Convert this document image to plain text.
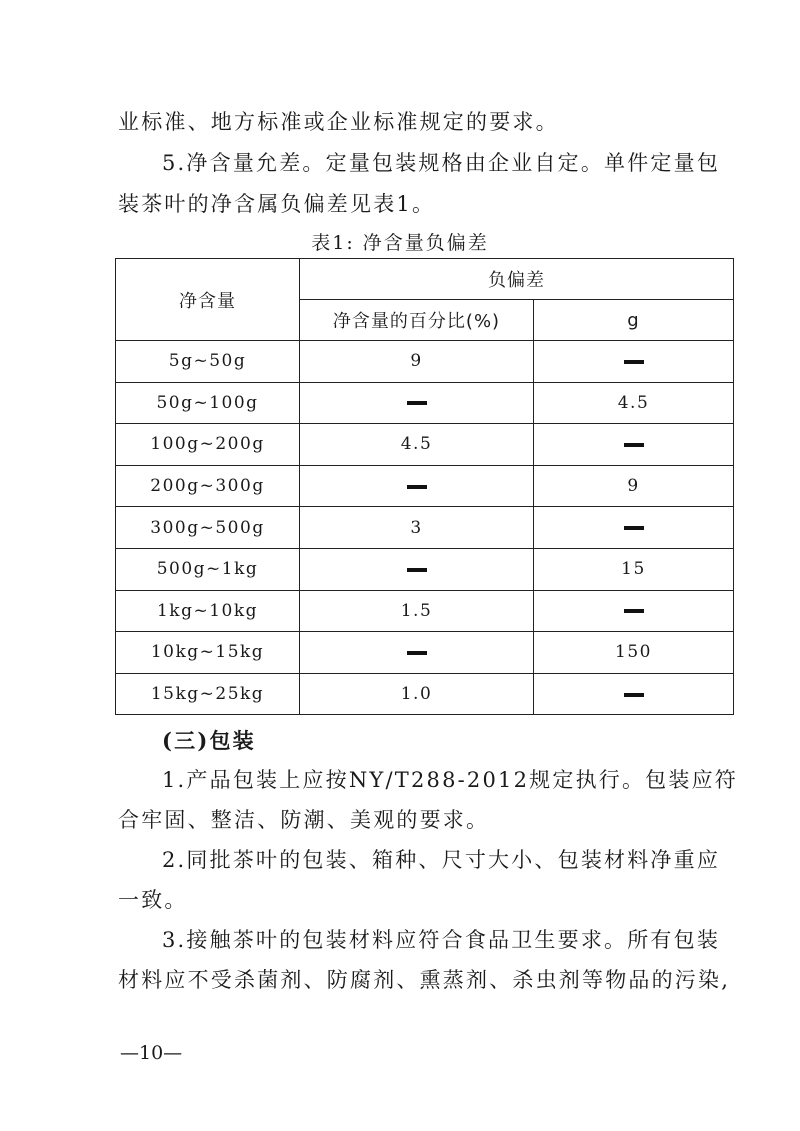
业标准、地方标准或企业标准规定的要求。
5.净含量允差。定量包装规格由企业自定。单件定量包
装茶叶的净含属负偏差见表1。
表1: 净含量负偏差
净含量	负偏差	
	净含量的百分比(%)	g
5g~50g	9	
50g~100g		4.5
100g~200g	4.5	
200g~300g		9
300g~500g	3	
500g~1kg		15
1kg~10kg	1.5	
10kg~15kg		150
15kg~25kg	1.0	
(三)包装
1.产品包装上应按NY/T288-2012规定执行。包装应符
合牢固、整洁、防潮、美观的要求。
2.同批茶叶的包装、箱种、尺寸大小、包装材料净重应
一致。
3.接触茶叶的包装材料应符合食品卫生要求。所有包装
材料应不受杀菌剂、防腐剂、熏蒸剂、杀虫剂等物品的污染,
—10—
